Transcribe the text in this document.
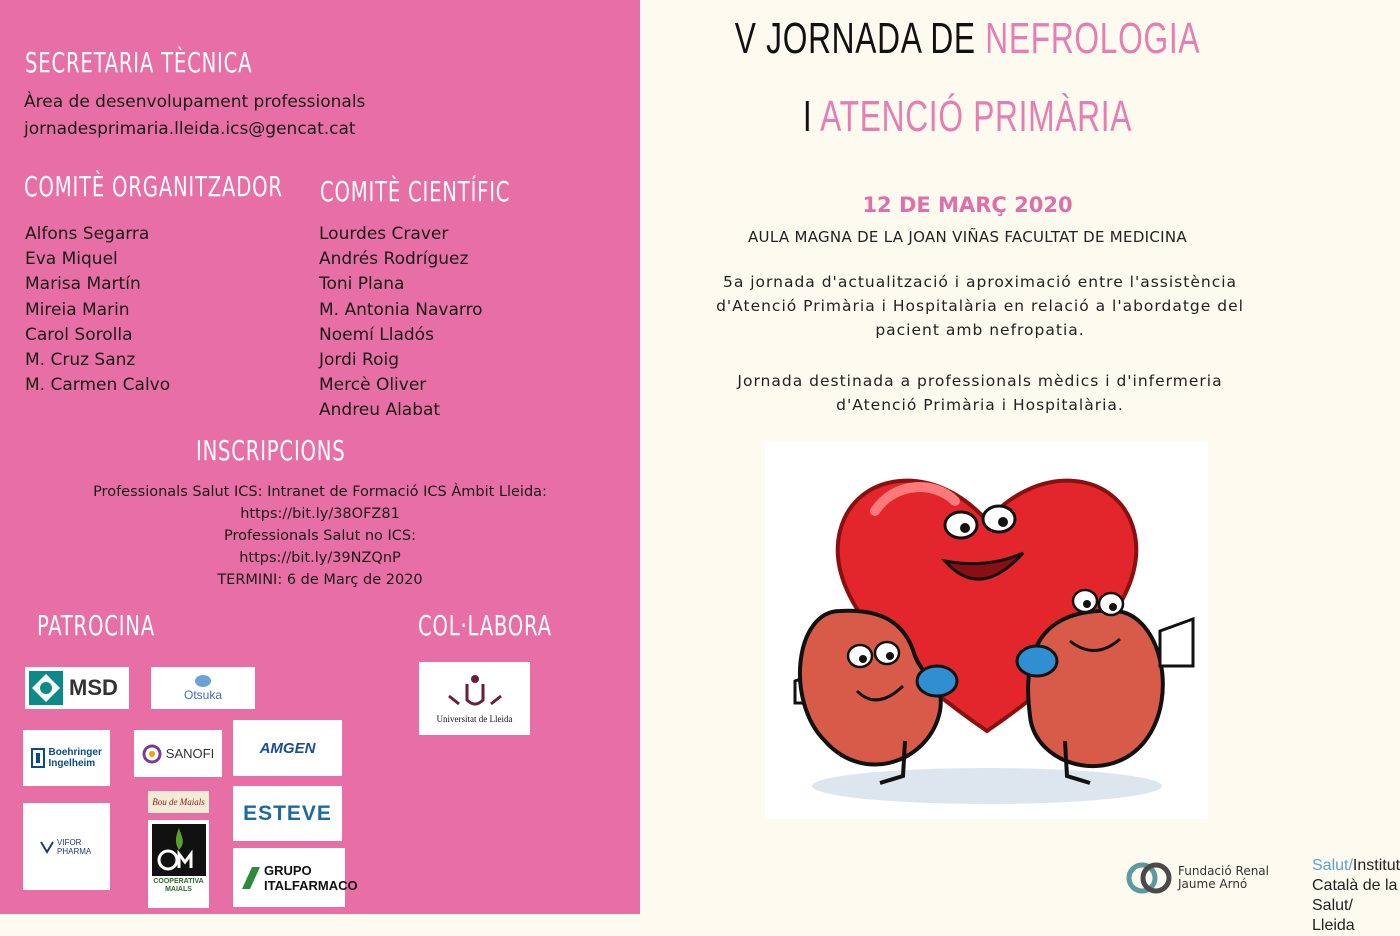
SECRETARIA TÈCNICA
Àrea de desenvolupament professionals
jornadesprimaria.lleida.ics@gencat.cat
COMITÈ ORGANITZADOR
Alfons Segarra
Eva Miquel
Marisa Martín
Mireia Marin
Carol Sorolla
M. Cruz Sanz
M. Carmen Calvo
COMITÈ CIENTÍFIC
Lourdes Craver
Andrés Rodríguez
Toni Plana
M. Antonia Navarro
Noemí Lladós
Jordi Roig
Mercè Oliver
Andreu Alabat
INSCRIPCIONS
Professionals Salut ICS: Intranet de Formació ICS Àmbit Lleida:
https://bit.ly/38OFZ81
Professionals Salut no ICS:
https://bit.ly/39NZQnP
TERMINI: 6 de Març de 2020
PATROCINA	COL·LABORA
MSD	Otsuka
Boehringer Ingelheim
SANOFI	AMGEN
VIFOR PHARMA
Bou de Maials
COOPERATIVA MAIALS
ESTEVE
GRUPO ITALFARMACO
Universitat de Lleida
V JORNADA DE NEFROLOGIA
I ATENCIÓ PRIMÀRIA
12 DE MARÇ 2020
AULA MAGNA DE LA JOAN VIÑAS FACULTAT DE MEDICINA
5a jornada d'actualització i aproximació entre l'assistència
d'Atenció Primària i Hospitalària en relació a l'abordatge del
pacient amb nefropatia.
Jornada destinada a professionals mèdics i d'infermeria
d'Atenció Primària i Hospitalària.
Salut/Institut Català de la Salut/
Lleida
Fundació Renal
Jaume Arnó
